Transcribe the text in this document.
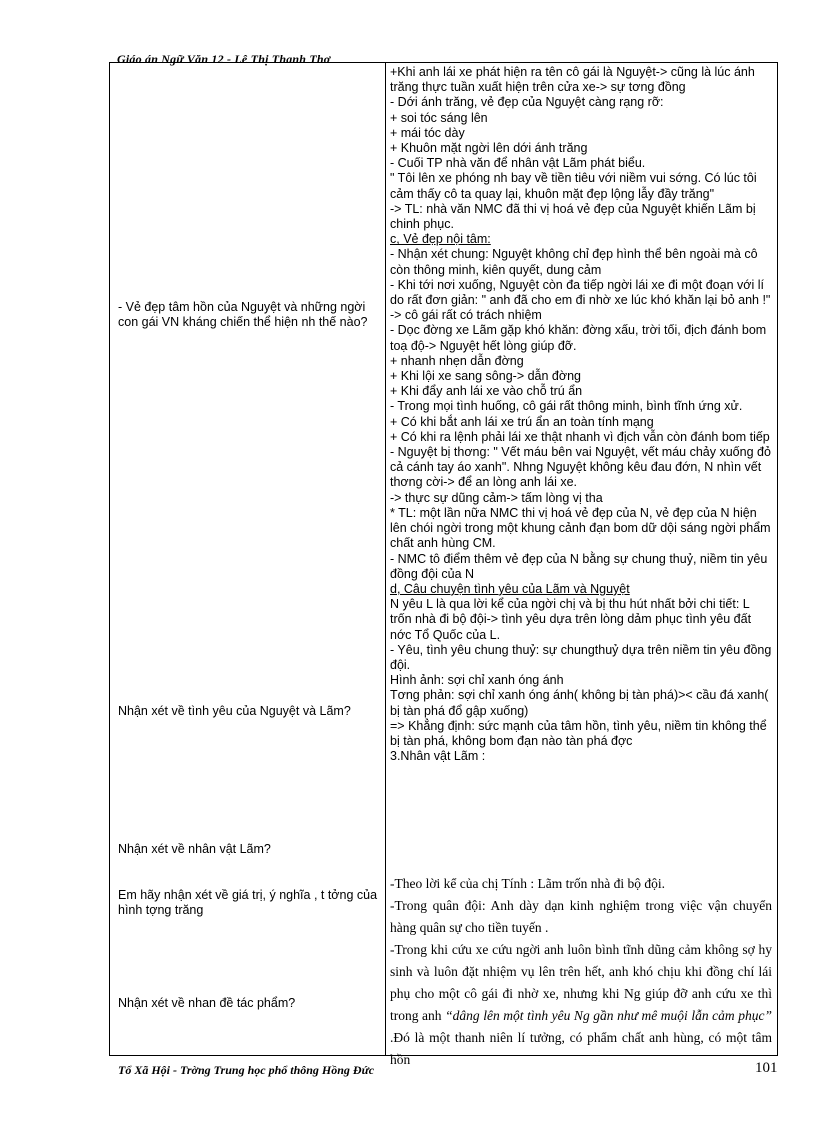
Giáo án Ngữ Văn 12 - Lê Thị Thanh Thơ
- Vẻ đẹp tâm hồn của Nguyệt và những ngời con gái VN kháng chiến thể hiện nh thế nào?
Nhận xét về tình yêu của Nguyệt và Lãm?
Nhận xét về nhân vật Lãm?
Em hãy nhận xét về giá trị, ý nghĩa , t tởng của hình tợng trăng
Nhận xét về nhan đề tác phẩm?

+Khi anh lái xe phát hiện ra tên cô gái là Nguyệt-> cũng là lúc ánh trăng thực tuần xuất hiện trên cửa xe-> sự tơng đồng

- Dới ánh trăng, vẻ đẹp của Nguyệt càng rạng rỡ:

+ soi tóc sáng lên

+ mái tóc dày

+ Khuôn mặt ngời lên dới ánh trăng

- Cuối TP nhà văn để nhân vật Lãm phát biểu.

" Tôi lên xe phóng nh bay về tiền tiêu với niềm vui sớng. Có lúc tôi cảm thấy cô ta quay lại, khuôn mặt đẹp lộng lẫy đầy trăng"

-> TL: nhà văn NMC đã thi vị hoá vẻ đẹp của Nguyệt khiến Lãm bị chinh phục.

c, Vẻ đẹp nội tâm:

- Nhận xét chung: Nguyệt không chỉ đẹp hình thể bên ngoài mà cô còn thông minh, kiên quyết, dung cảm

- Khi tới nơi xuống, Nguyệt còn đa tiếp ngời lái xe đi một đoạn với lí do rất đơn giản: " anh đã cho em đi nhờ xe lúc khó khăn lại bỏ anh !"

-> cô gái rất có trách nhiệm

- Dọc đờng xe Lãm gặp khó khăn: đờng xấu, trời tối, địch đánh bom toạ độ-> Nguyệt hết lòng giúp đỡ.

+ nhanh nhẹn dẫn đờng

+ Khi lội xe sang sông-> dẫn đờng

+ Khi đẩy anh lái xe vào chỗ trú ẩn

- Trong mọi tình huống, cô gái rất thông minh, bình tĩnh ứng xử.

+ Có khi bắt anh lái xe trú ẩn an toàn tính mạng

+ Có khi ra lệnh phải lái xe thật nhanh vì địch vẫn còn đánh bom tiếp

- Nguyệt bị thơng: " Vết máu bên vai Nguyệt, vết máu chảy xuống đỏ cả cánh tay áo xanh". Nhng Nguyệt không kêu đau đớn, N nhìn vết thơng cời-> để an lòng anh lái xe.

-> thực sự dũng cảm-> tấm lòng vị tha

* TL: một lần nữa NMC thi vị hoá vẻ đẹp của N, vẻ đẹp của N hiện lên chói ngời trong một khung cảnh đạn bom dữ dội sáng ngời phẩm chất anh hùng CM.

- NMC tô điểm thêm vẻ đẹp của N bằng sự chung thuỷ, niềm tin yêu đồng đội của N

d, Câu chuyện tình yêu của Lãm và Nguyệt

N yêu L là qua lời kể của ngời chị và bị thu hút nhất bởi chi tiết: L trốn nhà đi bộ đội-> tình yêu dựa trên lòng dảm phục tình yêu đất nớc Tổ Quốc của L.

- Yêu, tình yêu chung thuỷ: sự chungthuỷ dựa trên niềm tin yêu đồng đội.

Hình ảnh: sợi chỉ xanh óng ánh

Tơng phản: sợi chỉ xanh óng ánh( không bị tàn phá)>< cầu đá xanh( bị tàn phá đổ gập xuống)

=> Khẳng định: sức mạnh của tâm hồn, tình yêu, niềm tin không thể bị tàn phá, không bom đạn nào tàn phá đợc

3.Nhân vật Lãm :

-Theo lời kể của chị Tính : Lãm trốn nhà đi bộ đội.

-Trong quân đội: Anh dày dạn kinh nghiệm trong việc vận chuyển hàng quân sự cho tiền tuyến .

-Trong khi cứu xe cứu ngời anh luôn bình tĩnh dũng cảm không sợ hy sinh và luôn đặt nhiệm vụ lên trên hết, anh khó chịu khi đồng chí lái phụ cho một cô gái đi nhờ xe, nhưng khi Ng giúp đỡ anh cứu xe thì trong anh “dâng lên một tình yêu Ng gần như mê muội lẫn cảm phục” .Đó là một thanh niên lí tưởng, có phẩm chất anh hùng, có một tâm hồn

Tổ Xã Hội - Trờng Trung học phổ thông Hồng Đức	101
